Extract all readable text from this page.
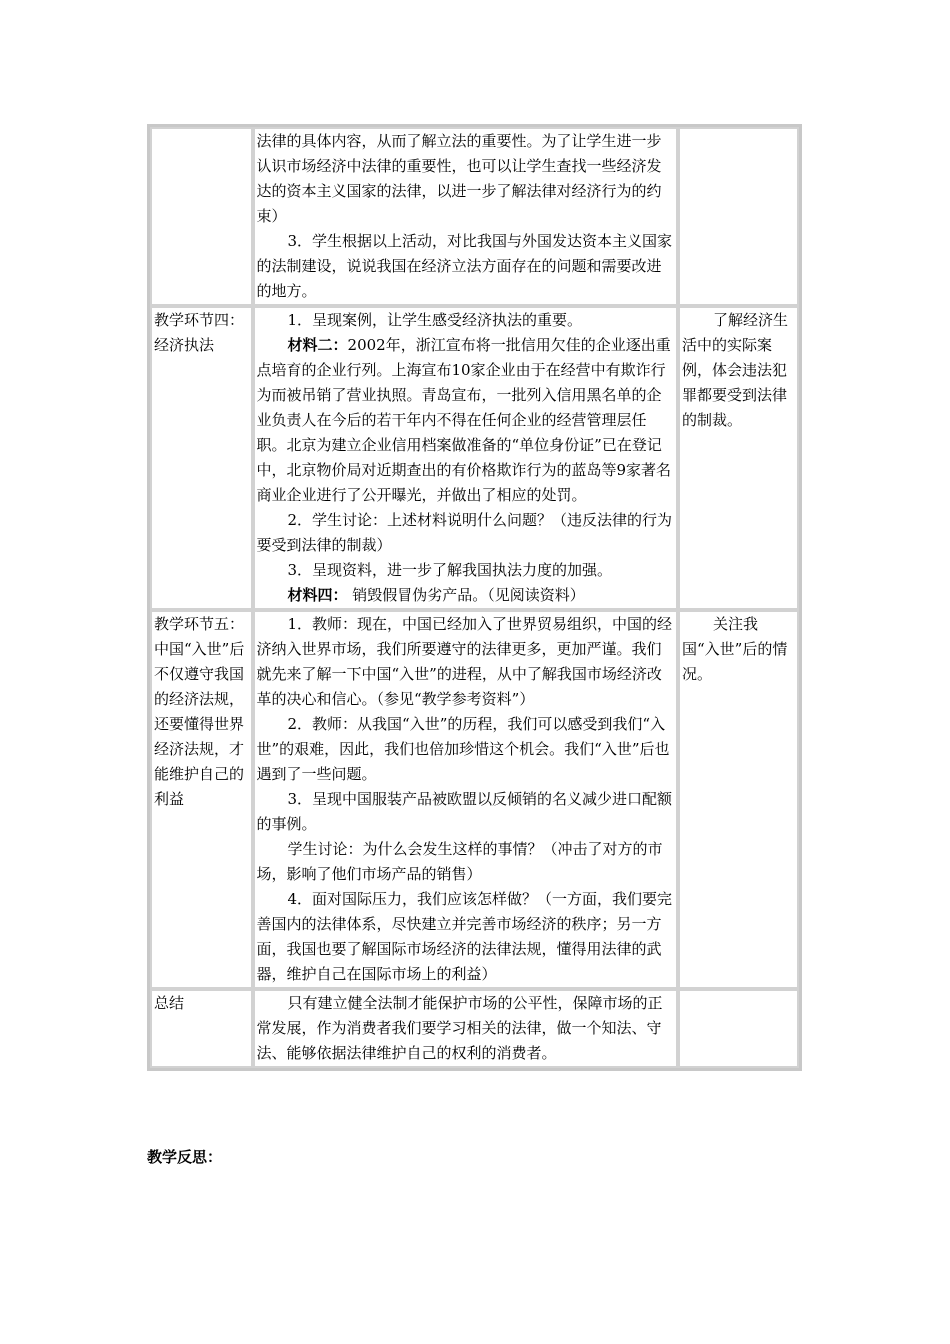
	法律的具体内容，从而了解立法的重要性。为了让学生进一步认识市场经济中法律的重要性，也可以让学生查找一些经济发达的资本主义国家的法律，以进一步了解法律对经济行为的约束）

3．学生根据以上活动，对比我国与外国发达资本主义国家的法制建设，说说我国在经济立法方面存在的问题和需要改进的地方。	

教学环节四：经济执法	1．呈现案例，让学生感受经济执法的重要。

材料二：2002年，浙江宣布将一批信用欠佳的企业逐出重点培育的企业行列。上海宣布10家企业由于在经营中有欺诈行为而被吊销了营业执照。青岛宣布，一批列入信用黑名单的企业负责人在今后的若干年内不得在任何企业的经营管理层任职。北京为建立企业信用档案做准备的“单位身份证”已在登记中，北京物价局对近期查出的有价格欺诈行为的蓝岛等9家著名商业企业进行了公开曝光，并做出了相应的处罚。

2．学生讨论：上述材料说明什么问题？（违反法律的行为要受到法律的制裁）

3．呈现资料，进一步了解我国执法力度的加强。

材料四： 销毁假冒伪劣产品。（见阅读资料）	了解经济生活中的实际案例，体会违法犯罪都要受到法律的制裁。

教学环节五：中国“入世”后不仅遵守我国的经济法规，还要懂得世界经济法规，才能维护自己的利益	1．教师：现在，中国已经加入了世界贸易组织，中国的经济纳入世界市场，我们所要遵守的法律更多，更加严谨。我们就先来了解一下中国“入世”的进程，从中了解我国市场经济改革的决心和信心。（参见“教学参考资料”）

2．教师：从我国“入世”的历程，我们可以感受到我们“入世”的艰难，因此，我们也倍加珍惜这个机会。我们“入世”后也遇到了一些问题。

3．呈现中国服装产品被欧盟以反倾销的名义减少进口配额的事例。

学生讨论：为什么会发生这样的事情？（冲击了对方的市场，影响了他们市场产品的销售）

4．面对国际压力，我们应该怎样做？（一方面，我们要完善国内的法律体系，尽快建立并完善市场经济的秩序；另一方面，我国也要了解国际市场经济的法律法规，懂得用法律的武器，维护自己在国际市场上的利益）	关注我国“入世”后的情况。

总结	只有建立健全法制才能保护市场的公平性，保障市场的正常发展，作为消费者我们要学习相关的法律，做一个知法、守法、能够依据法律维护自己的权利的消费者。	

教学反思：
